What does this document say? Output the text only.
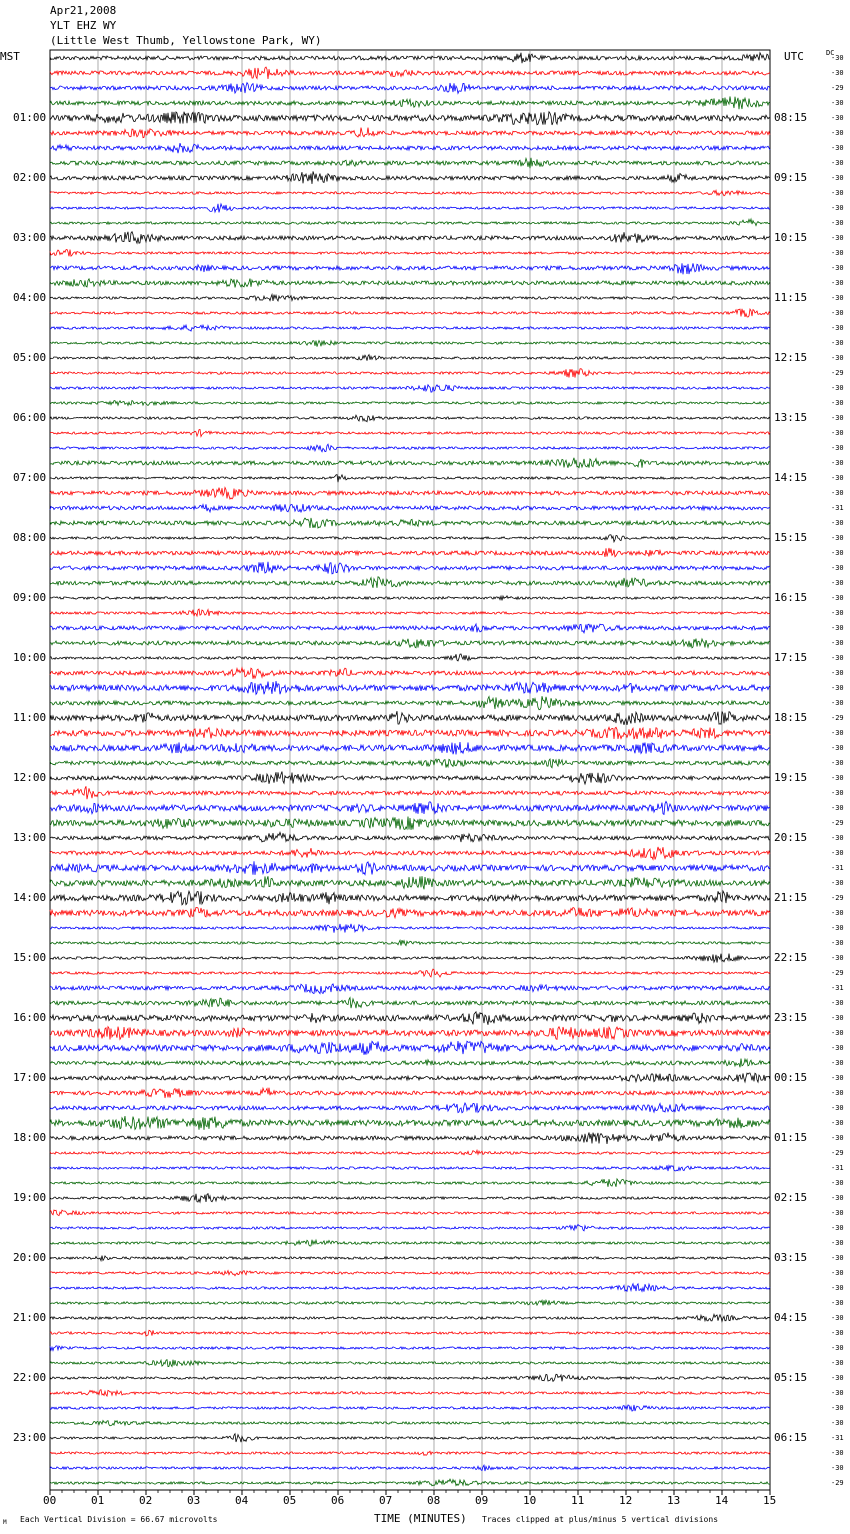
Apr21,2008
YLT EHZ WY
(Little West Thumb, Yellowstone Park, WY)
MST	UTC	DC
00	01	02	03	04	05	06	07	08	09	10	11	12	13	14	15
-30
-30
-29
-30
-30
01:00	08:15
-30
-30
-30
-30
02:00	09:15
-30
-30
-30
-30
03:00	10:15
-30
-30
-30
-30
04:00	11:15
-30
-30
-30
-30
05:00	12:15
-29
-30
-30
-30
06:00	13:15
-30
-30
-30
-30
07:00	14:15
-30
-31
-30
-30
08:00	15:15
-30
-30
-30
-30
09:00	16:15
-30
-30
-30
-30
10:00	17:15
-30
-30
-30
-29
11:00	18:15
-30
-30
-30
-30
12:00	19:15
-30
-30
-29
-30
13:00	20:15
-30
-31
-30
-29
14:00	21:15
-30
-30
-30
-30
15:00	22:15
-29
-31
-30
-30
16:00	23:15
-30
-30
-30
-30
17:00	00:15
-30
-30
-30
-30
18:00	01:15
-29
-31
-30
-30
19:00	02:15
-30
-30
-30
-30
20:00	03:15
-30
-30
-30
-30
21:00	04:15
-30
-30
-30
-30
22:00	05:15
-30
-30
-30
-31
23:00	06:15
-30
-30
-29
M Each Vertical Division = 66.67 microvolts	TIME (MINUTES) Traces clipped at plus/minus 5 vertical divisions
